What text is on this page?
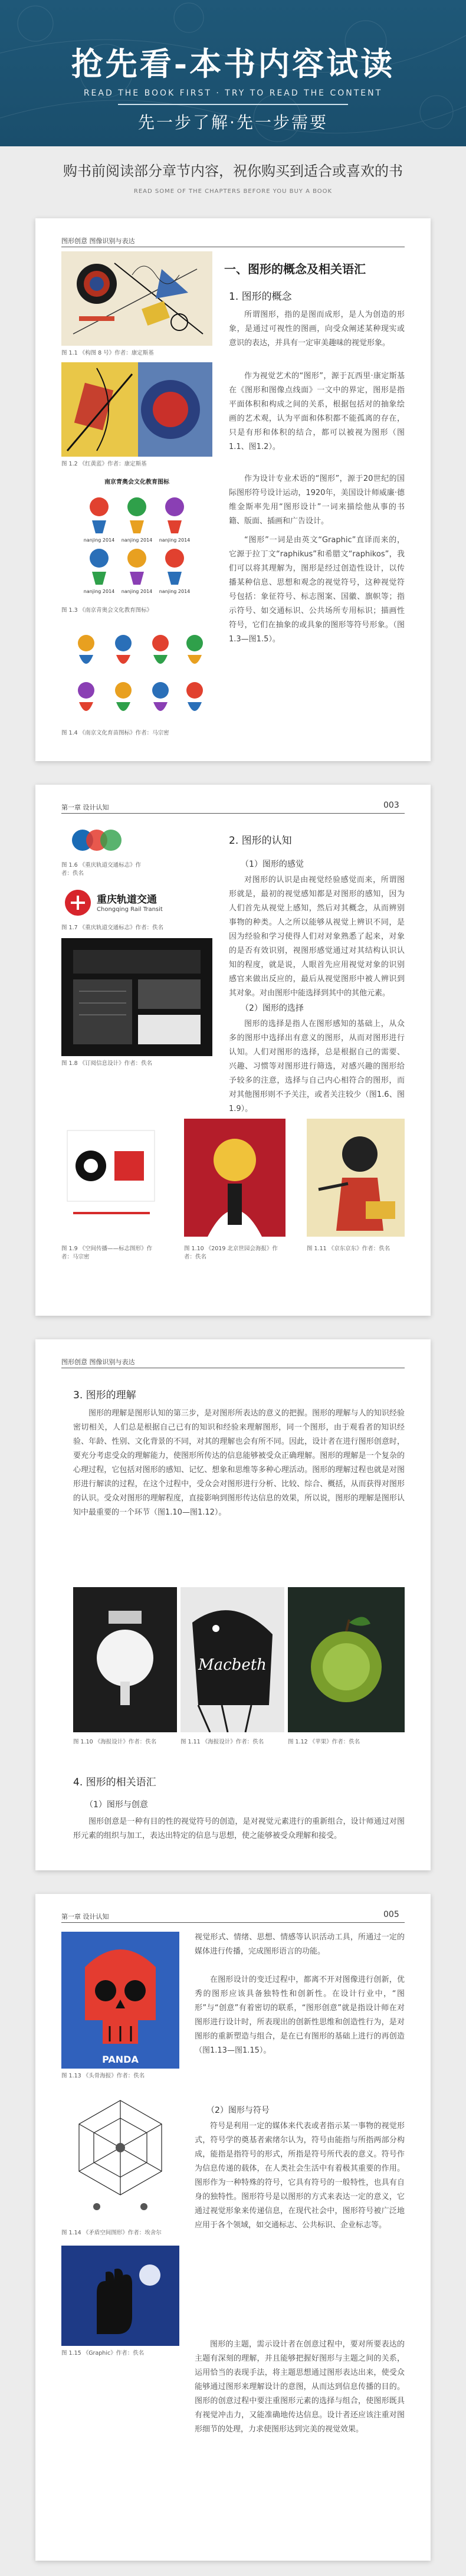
抢先看-本书内容试读
READ THE BOOK FIRST · TRY TO READ THE CONTENT
先一步了解·先一步需要
购书前阅读部分章节内容，祝你购买到适合或喜欢的书
READ SOME OF THE CHAPTERS BEFORE YOU BUY A BOOK
图形创意 图像识别与表达
图 1.1 《构图 8 号》作者：康定斯基
图 1.2 《红黄蓝》作者：康定斯基
南京青奥会文化教育图标
nanjing 2014 nanjing 2014 nanjing 2014
nanjing 2014 nanjing 2014 nanjing 2014
图 1.3 《南京青奥会文化教育图标》
图 1.4 《南京文化育苗图标》作者：马宗密
一、图形的概念及相关语汇
1. 图形的概念
所谓图形，指的是图而成形，是人为创造的形象，是通过可视性的图画，向受众阐述某种现实或意识的表达，并具有一定审美趣味的视觉形象。
作为视觉艺术的“图形”，源于瓦西里·康定斯基在《图形和图像点线面》一文中的界定，图形是指平面体积和构成之间的关系，根据包括对的抽象绘画的艺术观，认为平面和体积都不能孤离的存在，只是有形和体积的结合，都可以被视为图形（图1.1、图1.2）。
作为设计专业术语的“图形”，源于20世纪的国际图形符号设计运动，1920年，美国设计师威廉·德维金斯率先用“图形设计”一词来描绘他从事的书籍、版面、插画和广告设计。
“图形”一词是由英文“Graphic”直译而来的，它源于拉丁文“raphikus”和希腊文“raphikos”，我们可以将其理解为，图形是经过创造性设计，以传播某种信息、思想和观念的视觉符号，这种视觉符号包括：象征符号、标志图案、国徽、旗帜等；指示符号、如交通标识、公共场所专用标识；描画性符号，它们在抽象的或具象的图形等符号形象。（图1.3—图1.5）。
第一章 设计认知	003
图 1.6 《重庆轨道交通标志》作者：佚名
重庆轨道交通
Chongqing Rail Transit
图 1.7 《重庆轨道交通标志》作者：佚名
图 1.8 《订阅信息设计》作者：佚名
2. 图形的认知
（1）图形的感觉
对图形的认识是由视觉经验感觉而来，所谓图形就是，最初的视觉感知都是对图形的感知，因为人们首先从视觉上感知，然后对其概念，从而辨别事物的种类。人之所以能够从视觉上辨识不同，是因为经验和学习使得人们对对象熟悉了起来，对象的是否有效识别，视图形感觉通过对其结构认识认知的程度，就是说，人眼首先应用视觉对象的识别感官来做出反应的，最后从视觉图形中被人辨识到其对象。对由图形中能选择到其中的其他元素。
（2）图形的选择
图形的选择是指人在图形感知的基础上，从众多的图形中选择出有意义的图形，从而对图形进行认知。人们对图形的选择，总是根据自己的需要、兴趣、习惯等对图形进行筛选，对感兴趣的图形给予较多的注意，选择与自己内心相符合的图形，而对其他图形则不予关注，或者关注较少（图1.6、图1.9）。
图 1.9 《空间传播——标志图形》作者：马宗密
图 1.10 《2019 北京世园会海报》作者：佚名
图 1.11 《京东京东》作者：佚名
图形创意 图像识别与表达
3. 图形的理解
图形的理解是图形认知的第三步，是对图形所表达的意义的把握。图形的理解与人的知识经验密切相关，人们总是根据自己已有的知识和经验来理解图形，同一个图形，由于观看者的知识经验、年龄、性别、文化背景的不同，对其的理解也会有所不同。因此，设计者在进行图形创意时，要充分考虑受众的理解能力，使图形所传达的信息能够被受众正确理解。图形的理解是一个复杂的心理过程，它包括对图形的感知、记忆、想象和思维等多种心理活动。图形的理解过程也就是对图形进行解读的过程，在这个过程中，受众会对图形进行分析、比较、综合、概括，从而获得对图形的认识。受众对图形的理解程度，直接影响到图形传达信息的效果，所以说，图形的理解是图形认知中最重要的一个环节（图1.10—图1.12）。
Macbeth
图 1.10 《海报设计》作者：佚名	图 1.11 《海报设计》作者：佚名	图 1.12 《苹果》作者：佚名
4. 图形的相关语汇
（1）图形与创意
图形创意是一种有目的性的视觉符号的创造，是对视觉元素进行的重新组合，设计师通过对图形元素的组织与加工，表达出特定的信息与思想，使之能够被受众理解和接受。
第一章 设计认知	005
PANDA
图 1.13 《头骨海报》作者：佚名
图 1.14 《矛盾空间图形》作者：埃舍尔
图 1.15 《Graphic》作者：佚名
视觉形式、情绪、思想、情感等认识活动工具，所通过一定的媒体进行传播，完成图形语言的功能。
在图形设计的变迁过程中，都离不开对图像进行创新，优秀的图形应该具备独特性和创新性。在设计行业中，“图形”与“创意”有着密切的联系，“图形创意”就是指设计师在对图形进行设计时，所表现出的创新性思维和创造性行为，是对图形的重新塑造与组合，是在已有图形的基础上进行的再创造（图1.13—图1.15）。
（2）图形与符号
符号是利用一定的媒体来代表或者指示某一事物的视觉形式，符号学的奠基者索绪尔认为，符号由能指与所指两部分构成，能指是指符号的形式，所指是符号所代表的意义。符号作为信息传递的载体，在人类社会生活中有着极其重要的作用。图形作为一种特殊的符号，它具有符号的一般特性，也具有自身的独特性。图形符号是以图形的方式来表达一定的意义，它通过视觉形象来传递信息，在现代社会中，图形符号被广泛地应用于各个领域，如交通标志、公共标识、企业标志等。
图形的主题，需示设计者在创意过程中，要对所要表达的主题有深刻的理解，并且能够把握好图形与主题之间的关系，运用恰当的表现手法，将主题思想通过图形表达出来，使受众能够通过图形来理解设计的意图，从而达到信息传播的目的。图形的创意过程中要注重图形元素的选择与组合，使图形既具有视觉冲击力，又能准确地传达信息。设计者还应该注重对图形细节的处理，力求使图形达到完美的视觉效果。
